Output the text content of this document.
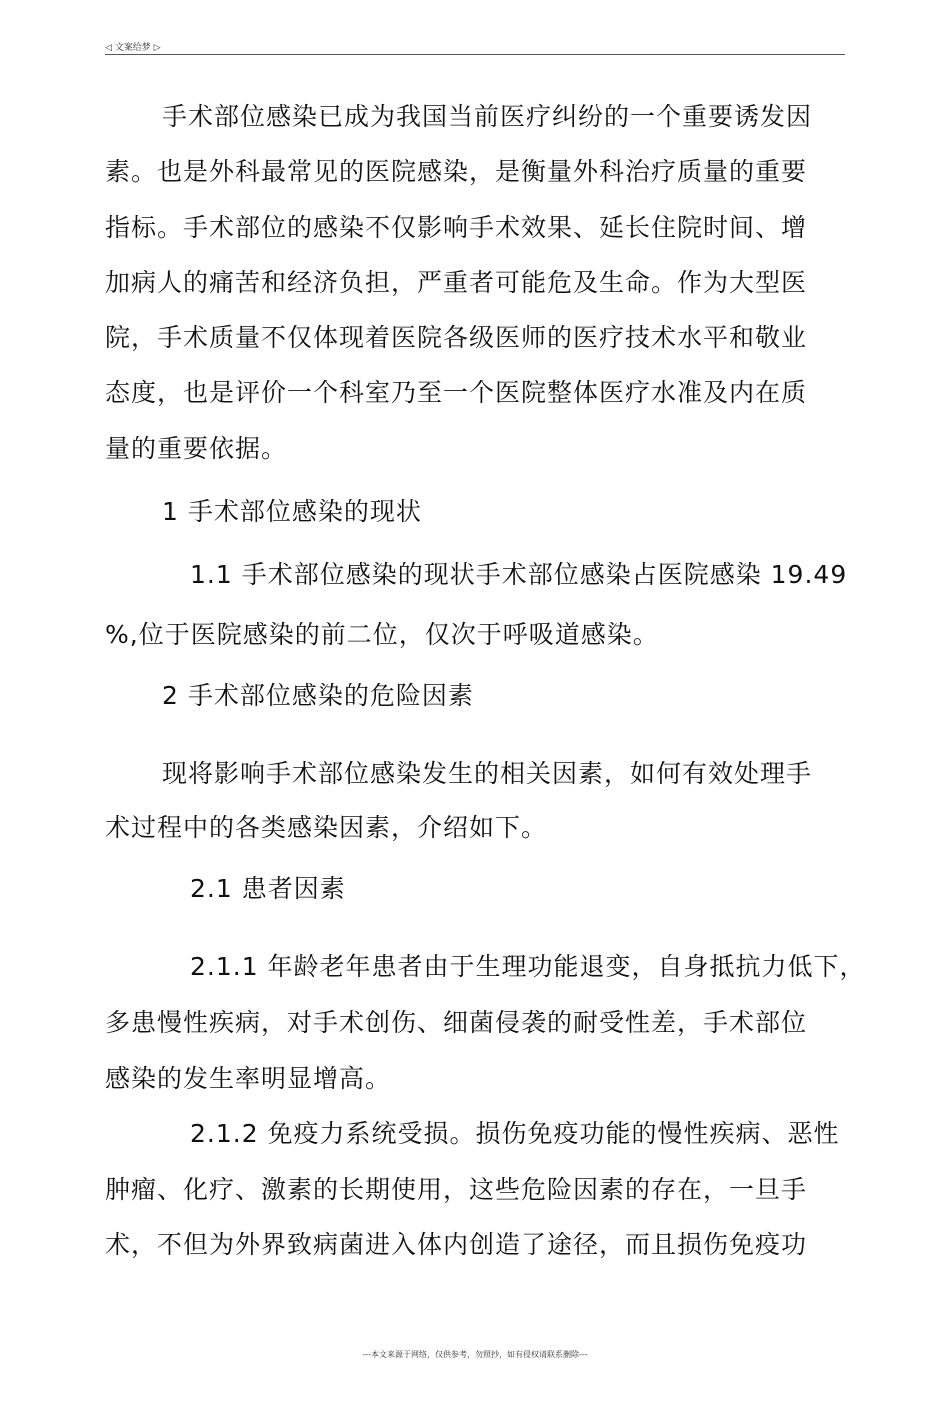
◁ 文案给梦 ▷
手术部位感染已成为我国当前医疗纠纷的一个重要诱发因
素。也是外科最常见的医院感染，是衡量外科治疗质量的重要
指标。手术部位的感染不仅影响手术效果、延长住院时间、增
加病人的痛苦和经济负担，严重者可能危及生命。作为大型医
院，手术质量不仅体现着医院各级医师的医疗技术水平和敬业
态度，也是评价一个科室乃至一个医院整体医疗水准及内在质
量的重要依据。
1 手术部位感染的现状
1.1 手术部位感染的现状手术部位感染占医院感染 19.49
%,位于医院感染的前二位，仅次于呼吸道感染。
2 手术部位感染的危险因素
现将影响手术部位感染发生的相关因素，如何有效处理手
术过程中的各类感染因素，介绍如下。
2.1 患者因素
2.1.1 年龄老年患者由于生理功能退变，自身抵抗力低下，
多患慢性疾病，对手术创伤、细菌侵袭的耐受性差，手术部位
感染的发生率明显增高。
2.1.2 免疫力系统受损。损伤免疫功能的慢性疾病、恶性
肿瘤、化疗、激素的长期使用，这些危险因素的存在，一旦手
术，不但为外界致病菌进入体内创造了途径，而且损伤免疫功
---本文来源于网络，仅供参考，勿照抄，如有侵权请联系删除---
